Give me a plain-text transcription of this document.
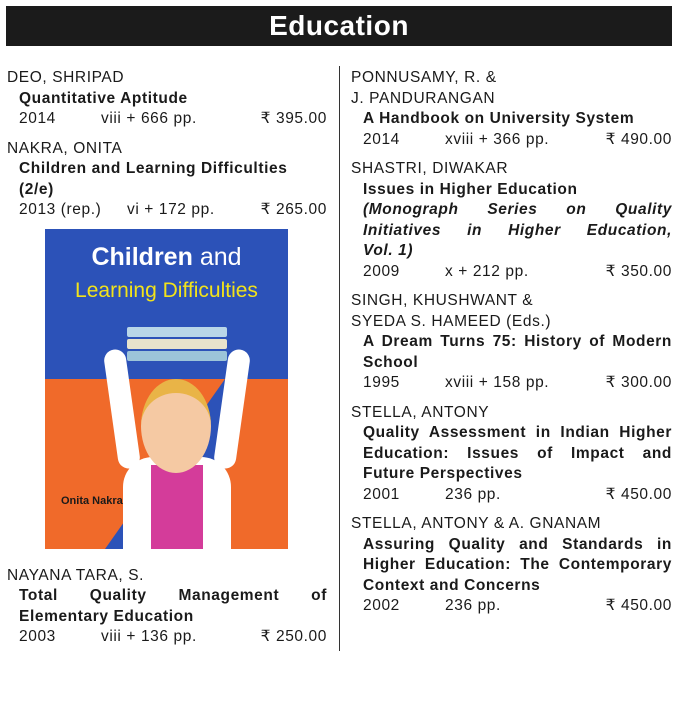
Education
DEO, SHRIPAD
Quantitative Aptitude
2014	viii + 666 pp.	₹ 395.00
NAKRA, ONITA
Children and Learning Difficulties
(2/e)
2013 (rep.)	vi + 172 pp.	₹ 265.00
Children and
Learning Difficulties
Onita Nakra
NAYANA TARA, S.
Total Quality Management of
Elementary Education
2003	viii + 136 pp.	₹ 250.00
PONNUSAMY, R. &
J. PANDURANGAN
A Handbook on University System
2014	xviii + 366 pp.	₹ 490.00
SHASTRI, DIWAKAR
Issues in Higher Education
(Monograph Series on Quality
Initiatives in Higher Education,
Vol. 1)
2009	x + 212 pp.	₹ 350.00
SINGH, KHUSHWANT &
SYEDA S. HAMEED (Eds.)
A Dream Turns 75: History of Modern
School
1995	xviii + 158 pp.	₹ 300.00
STELLA, ANTONY
Quality Assessment in Indian Higher
Education: Issues of Impact and
Future Perspectives
2001	236 pp.	₹ 450.00
STELLA, ANTONY & A. GNANAM
Assuring Quality and Standards in
Higher Education: The Contemporary
Context and Concerns
2002	236 pp.	₹ 450.00
